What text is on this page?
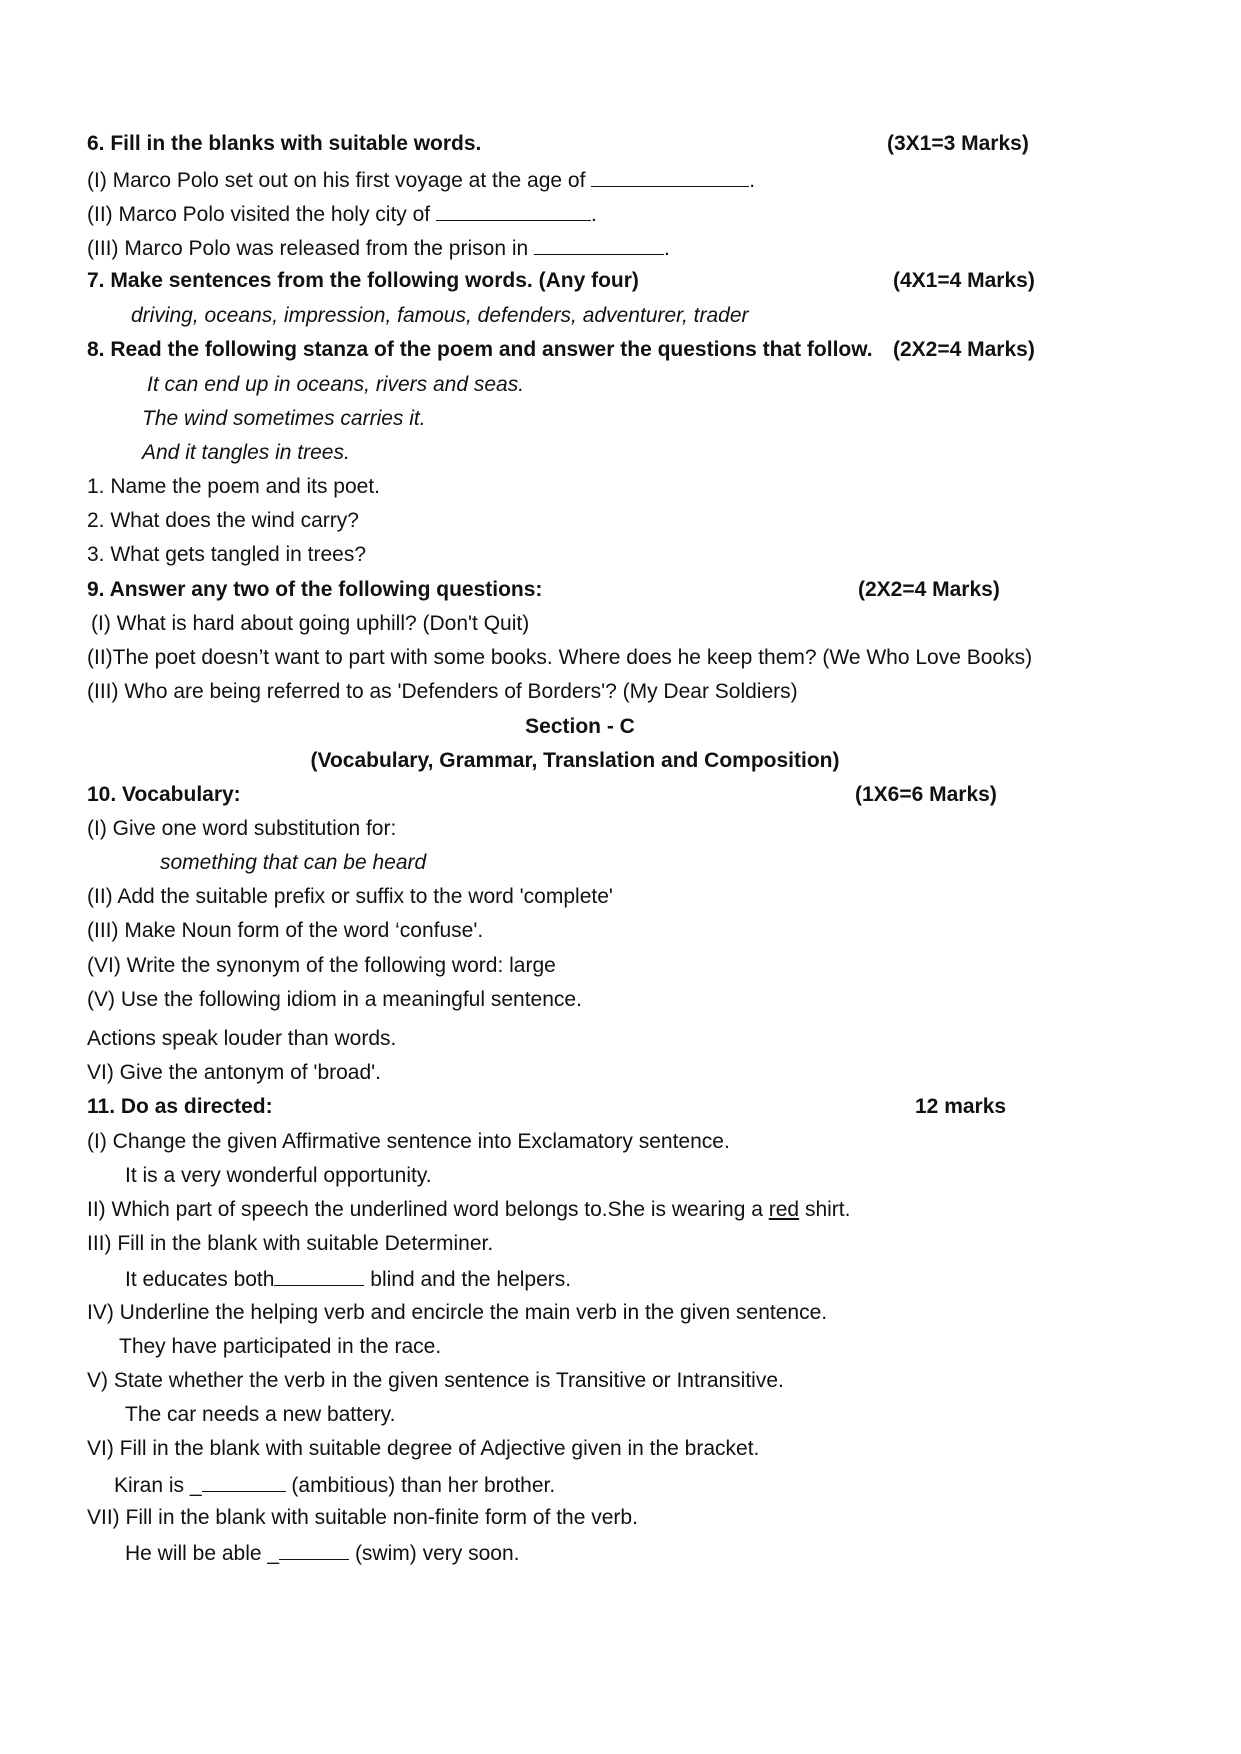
6. Fill in the blanks with suitable words.	(3X1=3 Marks)
(I) Marco Polo set out on his first voyage at the age of	.
(II) Marco Polo visited the holy city of	.
(III) Marco Polo was released from the prison in	.
7. Make sentences from the following words. (Any four)	(4X1=4 Marks)
driving, oceans, impression, famous, defenders, adventurer, trader
8. Read the following stanza of the poem and answer the questions that follow. (2X2=4 Marks)
It can end up in oceans, rivers and seas.
The wind sometimes carries it.
And it tangles in trees.
1. Name the poem and its poet.
2. What does the wind carry?
3. What gets tangled in trees?
9. Answer any two of the following questions:	(2X2=4 Marks)
(I) What is hard about going uphill? (Don't Quit)
(II)The poet doesn’t want to part with some books. Where does he keep them? (We Who Love Books)
(III) Who are being referred to as 'Defenders of Borders'? (My Dear Soldiers)
Section - C
(Vocabulary, Grammar, Translation and Composition)
10. Vocabulary:	(1X6=6 Marks)
(I) Give one word substitution for:
something that can be heard
(II) Add the suitable prefix or suffix to the word 'complete'
(III) Make Noun form of the word ‘confuse'.
(VI) Write the synonym of the following word: large
(V) Use the following idiom in a meaningful sentence.
Actions speak louder than words.
VI) Give the antonym of 'broad'.
11. Do as directed:	12 marks
(I) Change the given Affirmative sentence into Exclamatory sentence.
It is a very wonderful opportunity.
II) Which part of speech the underlined word belongs to.She is wearing a red shirt.
III) Fill in the blank with suitable Determiner.
It educates both	blind and the helpers.
IV) Underline the helping verb and encircle the main verb in the given sentence.
They have participated in the race.
V) State whether the verb in the given sentence is Transitive or Intransitive.
The car needs a new battery.
VI) Fill in the blank with suitable degree of Adjective given in the bracket.
Kiran is _	(ambitious) than her brother.
VII) Fill in the blank with suitable non-finite form of the verb.
He will be able _	(swim) very soon.
